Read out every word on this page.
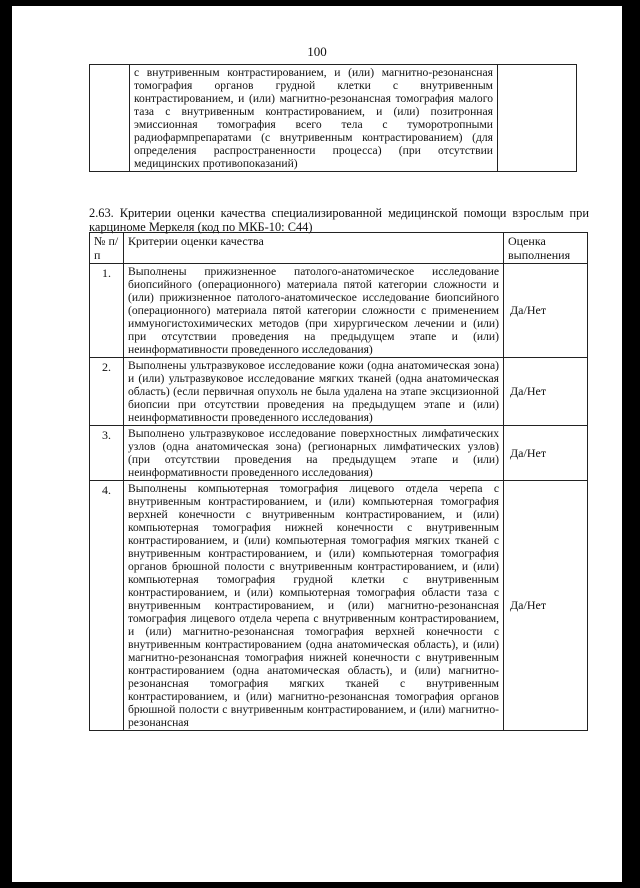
100
	с внутривенным контрастированием, и (или) магнитно-резонансная томография органов грудной клетки с внутривенным контрастированием, и (или) магнитно-резонансная томография малого таза с внутривенным контрастированием, и (или) позитронная эмиссионная томография всего тела с туморотропными радиофармпрепаратами (с внутривенным контрастированием) (для определения распространенности процесса) (при отсутствии медицинских противопоказаний)	
2.63. Критерии оценки качества специализированной медицинской помощи взрослым при карциноме Меркеля (код по МКБ-10: С44)
№ п/п	Критерии оценки качества	Оценка выполнения
1.	Выполнены прижизненное патолого-анатомическое исследование биопсийного (операционного) материала пятой категории сложности и (или) прижизненное патолого-анатомическое исследование биопсийного (операционного) материала пятой категории сложности с применением иммуногистохимических методов (при хирургическом лечении и (или) при отсутствии проведения на предыдущем этапе и (или) неинформативности проведенного исследования)	Да/Нет
2.	Выполнены ультразвуковое исследование кожи (одна анатомическая зона) и (или) ультразвуковое исследование мягких тканей (одна анатомическая область) (если первичная опухоль не была удалена на этапе эксцизионной биопсии при отсутствии проведения на предыдущем этапе и (или) неинформативности проведенного исследования)	Да/Нет
3.	Выполнено ультразвуковое исследование поверхностных лимфатических узлов (одна анатомическая зона) (регионарных лимфатических узлов) (при отсутствии проведения на предыдущем этапе и (или) неинформативности проведенного исследования)	Да/Нет
4.	Выполнены компьютерная томография лицевого отдела черепа с внутривенным контрастированием, и (или) компьютерная томография верхней конечности с внутривенным контрастированием, и (или) компьютерная томография нижней конечности с внутривенным контрастированием, и (или) компьютерная томография мягких тканей с внутривенным контрастированием, и (или) компьютерная томография органов брюшной полости с внутривенным контрастированием, и (или) компьютерная томография грудной клетки с внутривенным контрастированием, и (или) компьютерная томография области таза с внутривенным контрастированием, и (или) магнитно-резонансная томография лицевого отдела черепа с внутривенным контрастированием, и (или) магнитно-резонансная томография верхней конечности с внутривенным контрастированием (одна анатомическая область), и (или) магнитно-резонансная томография нижней конечности с внутривенным контрастированием (одна анатомическая область), и (или) магнитно-резонансная томография мягких тканей с внутривенным контрастированием, и (или) магнитно-резонансная томография органов брюшной полости с внутривенным контрастированием, и (или) магнитно-резонансная	Да/Нет
